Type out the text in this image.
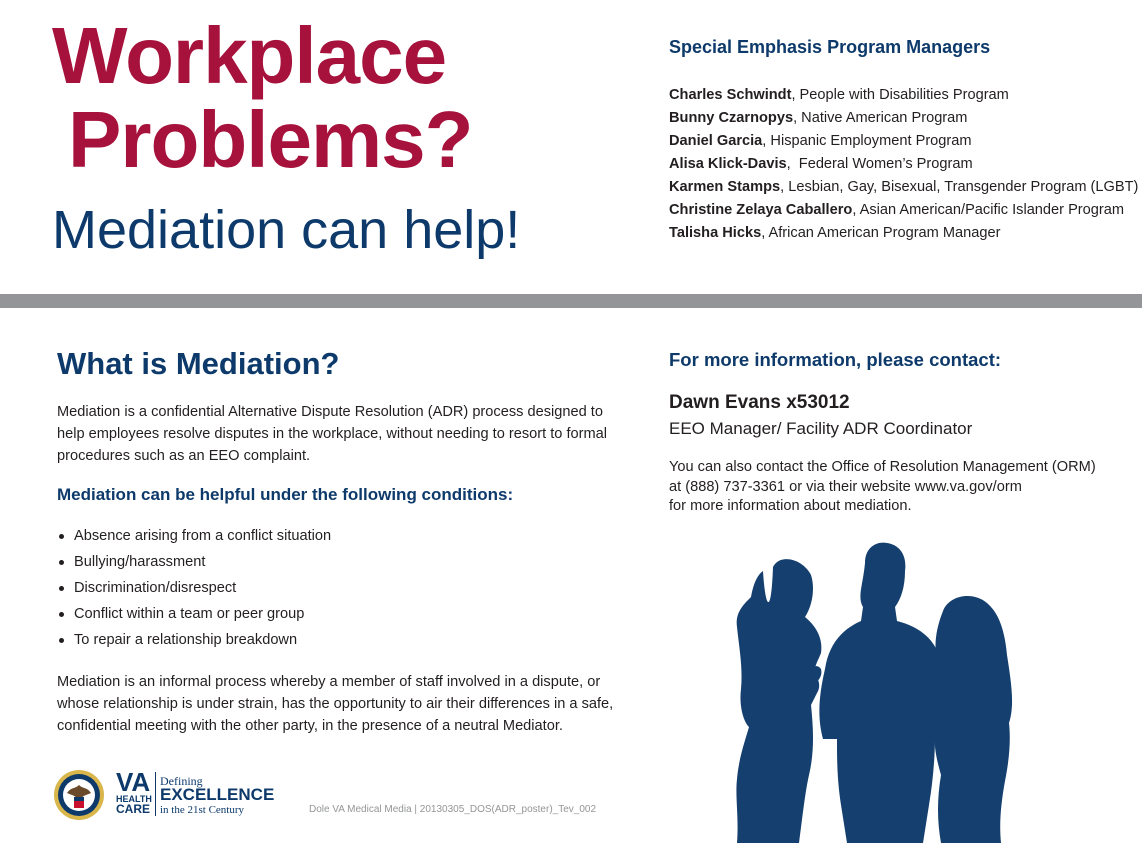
Workplace
Problems?
Mediation can help!
Special Emphasis Program Managers
Charles Schwindt, People with Disabilities Program
Bunny Czarnopys, Native American Program
Daniel Garcia, Hispanic Employment Program
Alisa Klick-Davis,  Federal Women’s Program
Karmen Stamps, Lesbian, Gay, Bisexual, Transgender Program (LGBT)
Christine Zelaya Caballero, Asian American/Pacific Islander Program
Talisha Hicks, African American Program Manager
What is Mediation?
Mediation is a confidential Alternative Dispute Resolution (ADR) process designed to help employees resolve disputes in the workplace, without needing to resort to formal procedures such as an EEO complaint.
Mediation can be helpful under the following conditions:
Absence arising from a conflict situation
Bullying/harassment
Discrimination/disrespect
Conflict within a team or peer group
To repair a relationship breakdown
Mediation is an informal process whereby a member of staff involved in a dispute, or whose relationship is under strain, has the opportunity to air their differences in a safe, confidential meeting with the other party, in the presence of a neutral Mediator.
For more information, please contact:
Dawn Evans x53012
EEO Manager/ Facility ADR Coordinator
You can also contact the Office of Resolution Management (ORM)
at (888) 737-3361 or via their website www.va.gov/orm
for more information about mediation.
VA
HEALTH
CARE
Defining
EXCELLENCE
in the 21st Century	Dole VA Medical Media | 20130305_DOS(ADR_poster)_Tev_002
